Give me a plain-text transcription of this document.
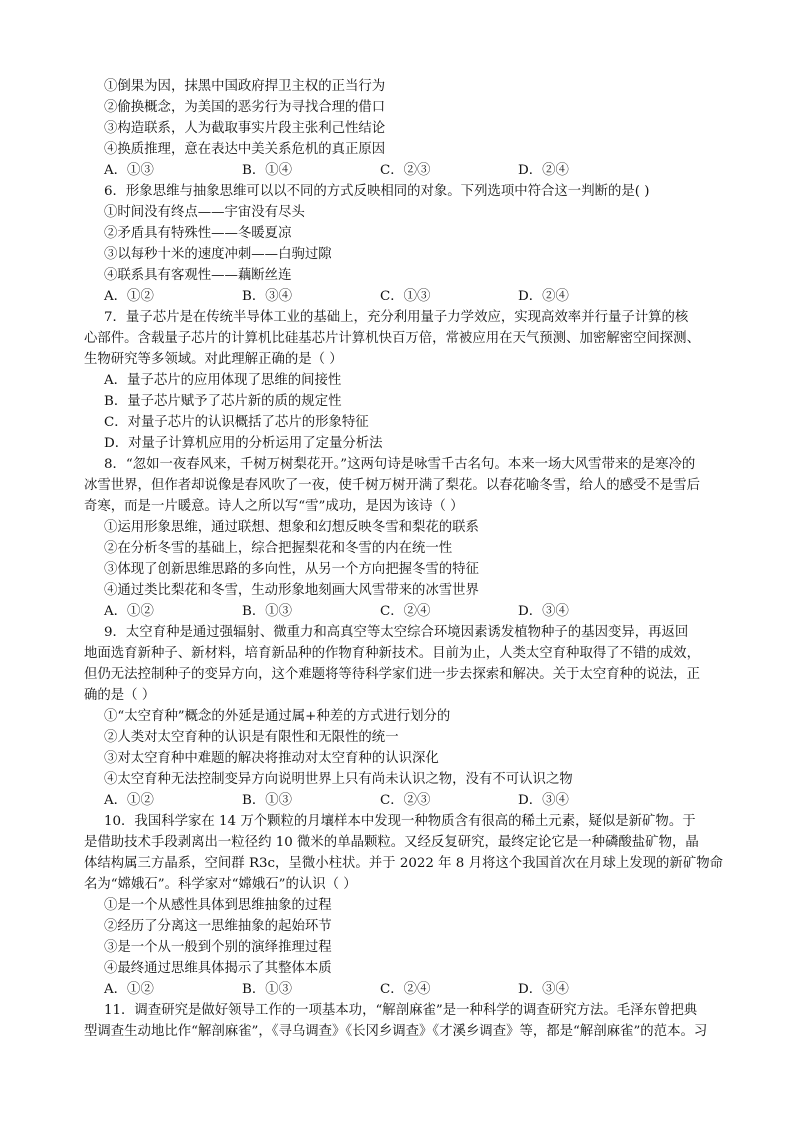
①倒果为因，抹黑中国政府捍卫主权的正当行为
②偷换概念，为美国的恶劣行为寻找合理的借口
③构造联系，人为截取事实片段主张利己性结论
④换质推理，意在表达中美关系危机的真正原因
A．①③	B．①④	C．②③	D．②④
6．形象思维与抽象思维可以以不同的方式反映相同的对象。下列选项中符合这一判断的是( )
①时间没有终点——宇宙没有尽头
②矛盾具有特殊性——冬暖夏凉
③以每秒十米的速度冲刺——白驹过隙
④联系具有客观性——藕断丝连
A．①②	B．③④	C．①③	D．②④
7．量子芯片是在传统半导体工业的基础上，充分利用量子力学效应，实现高效率并行量子计算的核
心部件。含载量子芯片的计算机比硅基芯片计算机快百万倍，常被应用在天气预测、加密解密空间探测、
生物研究等多领域。对此理解正确的是（ ）
A．量子芯片的应用体现了思维的间接性
B．量子芯片赋予了芯片新的质的规定性
C．对量子芯片的认识概括了芯片的形象特征
D．对量子计算机应用的分析运用了定量分析法
8．“忽如一夜春风来，千树万树梨花开。”这两句诗是咏雪千古名句。本来一场大风雪带来的是寒冷的
冰雪世界，但作者却说像是春风吹了一夜，使千树万树开满了梨花。以春花喻冬雪，给人的感受不是雪后
奇寒，而是一片暖意。诗人之所以写“雪”成功，是因为该诗（ ）
①运用形象思维，通过联想、想象和幻想反映冬雪和梨花的联系
②在分析冬雪的基础上，综合把握梨花和冬雪的内在统一性
③体现了创新思维思路的多向性，从另一个方向把握冬雪的特征
④通过类比梨花和冬雪，生动形象地刻画大风雪带来的冰雪世界
A．①②	B．①③	C．②④	D．③④
9．太空育种是通过强辐射、微重力和高真空等太空综合环境因素诱发植物种子的基因变异，再返回
地面选育新种子、新材料，培育新品种的作物育种新技术。目前为止，人类太空育种取得了不错的成效，
但仍无法控制种子的变异方向，这个难题将等待科学家们进一步去探索和解决。关于太空育种的说法，正
确的是（ ）
①“太空育种”概念的外延是通过属+种差的方式进行划分的
②人类对太空育种的认识是有限性和无限性的统一
③对太空育种中难题的解决将推动对太空育种的认识深化
④太空育种无法控制变异方向说明世界上只有尚未认识之物，没有不可认识之物
A．①②	B．①③	C．②③	D．③④
10．我国科学家在 14 万个颗粒的月壤样本中发现一种物质含有很高的稀土元素，疑似是新矿物。于
是借助技术手段剥离出一粒径约 10 微米的单晶颗粒。又经反复研究，最终定论它是一种磷酸盐矿物，晶
体结构属三方晶系，空间群 R3c，呈微小柱状。并于 2022 年 8 月将这个我国首次在月球上发现的新矿物命
名为“嫦娥石”。科学家对“嫦娥石”的认识（ ）
①是一个从感性具体到思维抽象的过程
②经历了分离这一思维抽象的起始环节
③是一个从一般到个别的演绎推理过程
④最终通过思维具体揭示了其整体本质
A．①②	B．①③	C．②④	D．③④
11．调查研究是做好领导工作的一项基本功，“解剖麻雀”是一种科学的调查研究方法。毛泽东曾把典
型调查生动地比作“解剖麻雀”，《寻乌调查》《长冈乡调查》《才溪乡调查》等，都是“解剖麻雀”的范本。习
